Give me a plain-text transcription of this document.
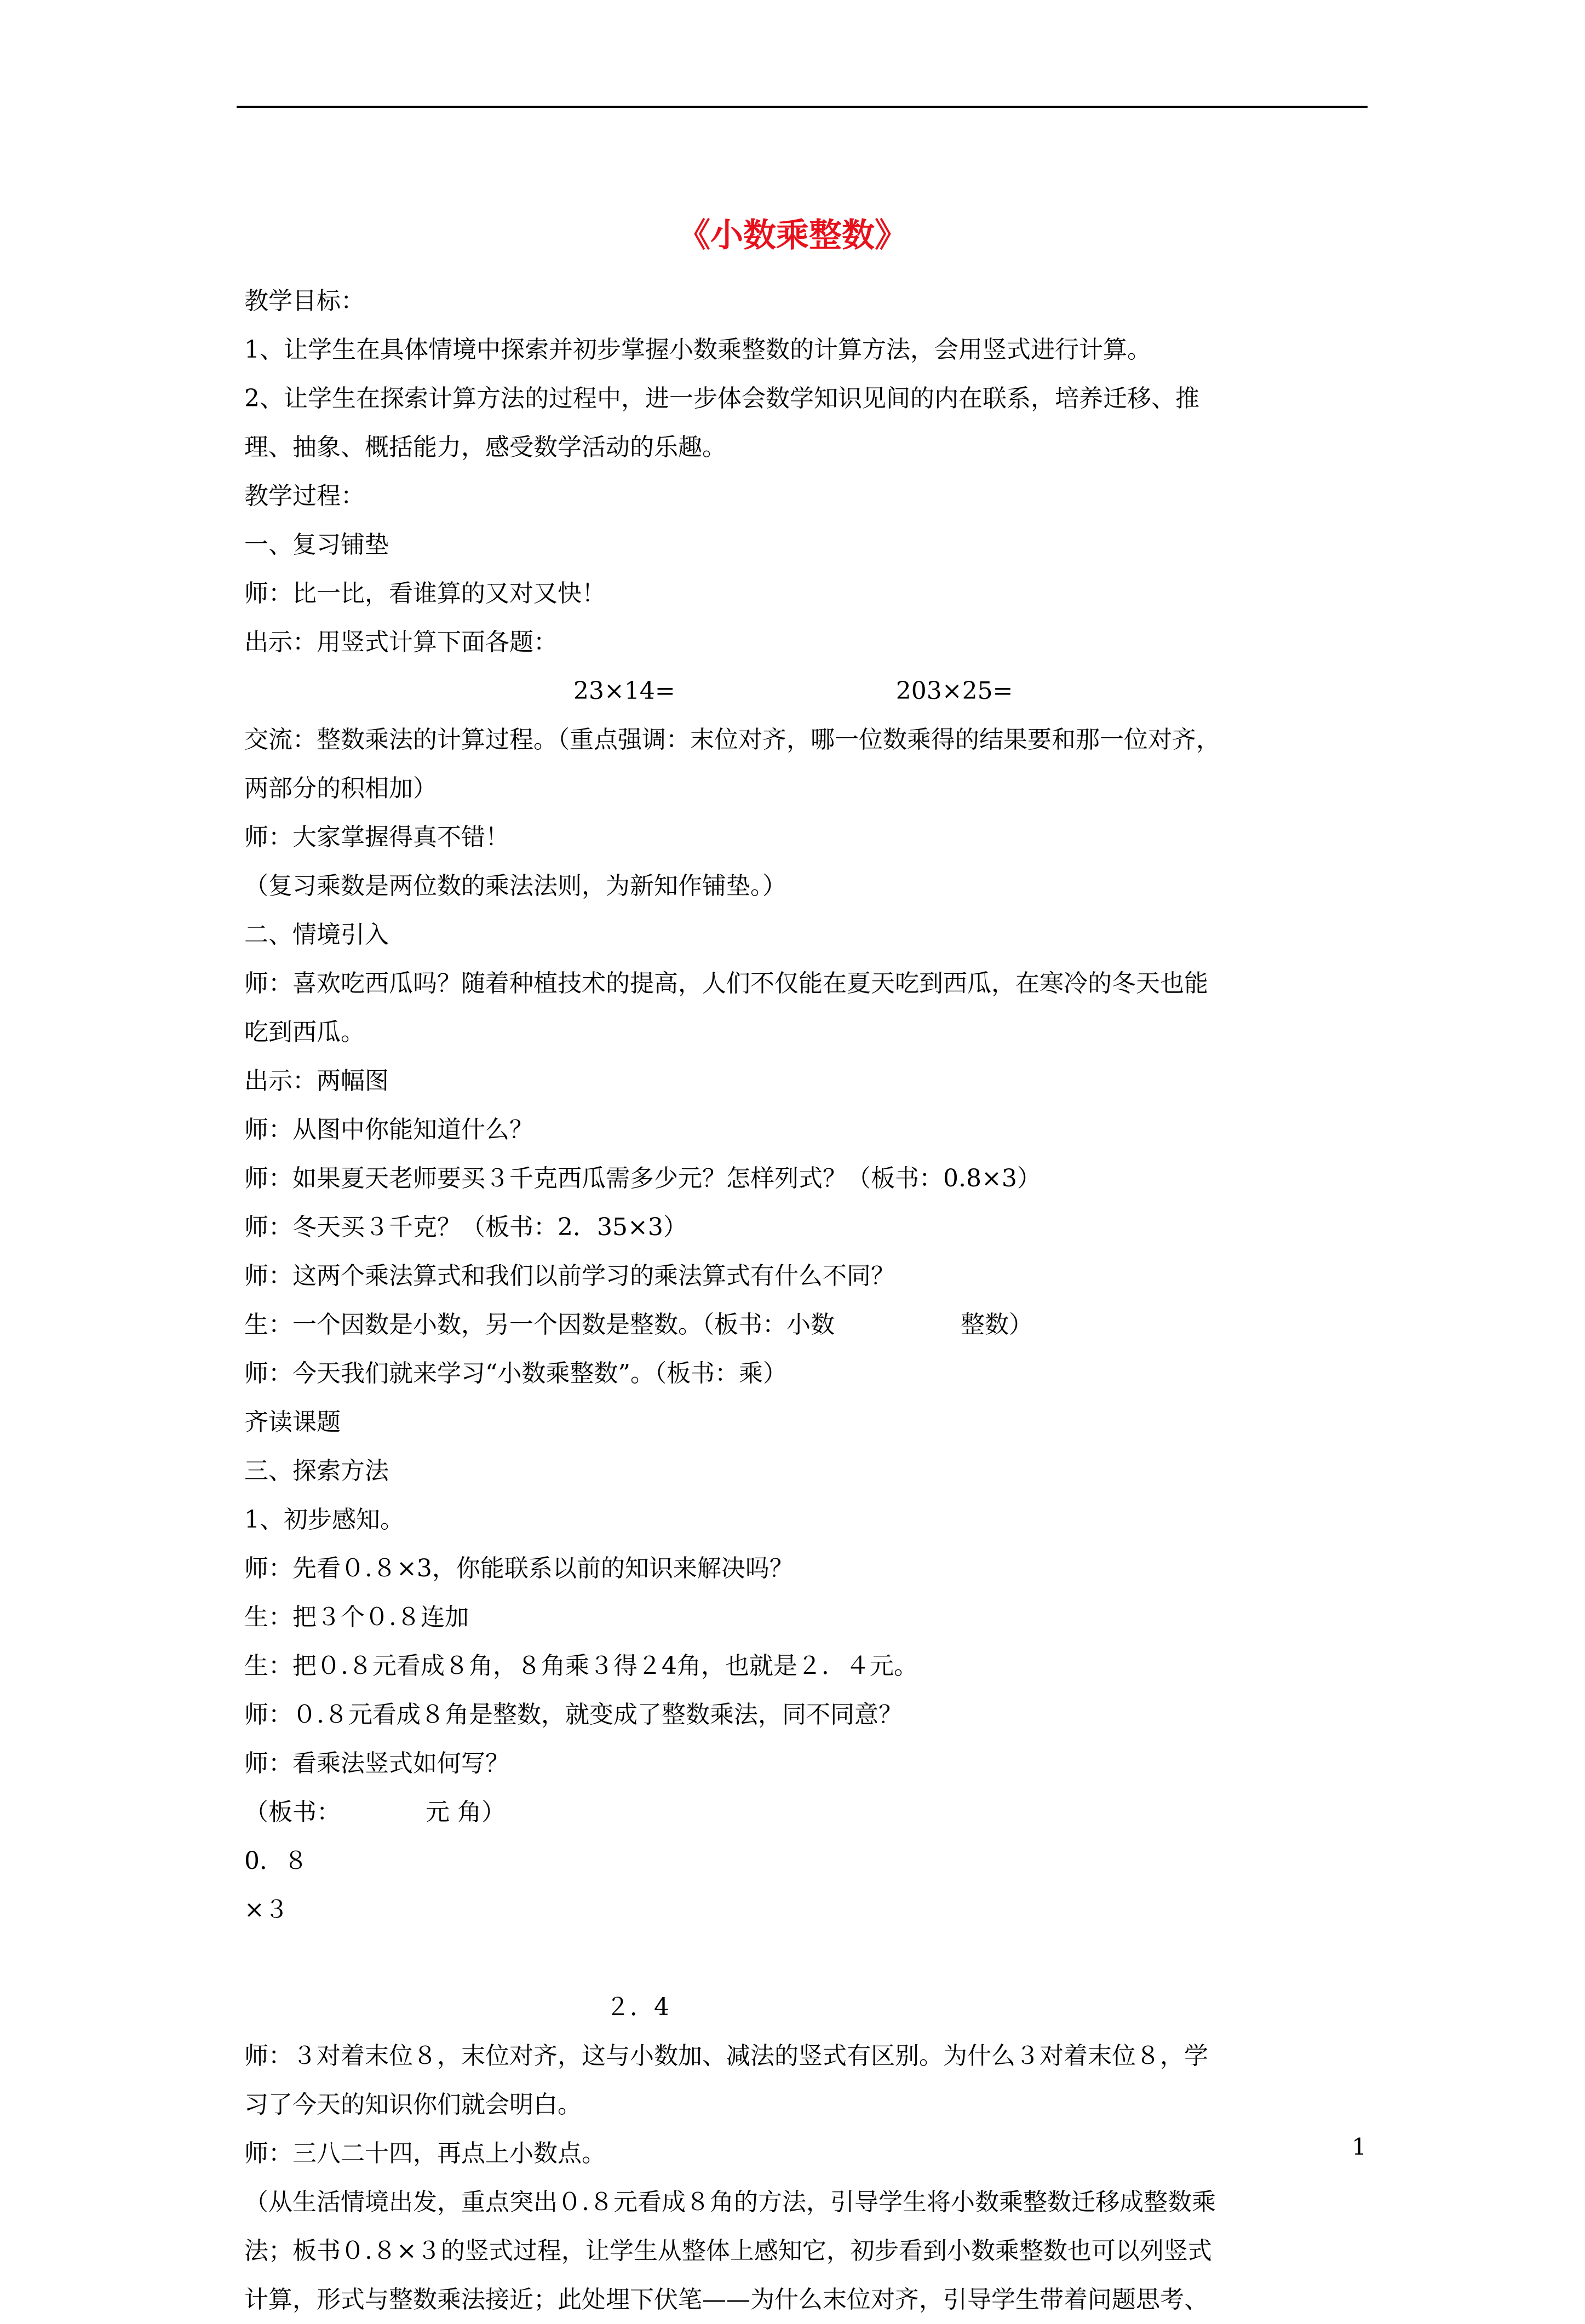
《小数乘整数》
教学目标：
1、让学生在具体情境中探索并初步掌握小数乘整数的计算方法，会用竖式进行计算。
2、让学生在探索计算方法的过程中，进一步体会数学知识见间的内在联系，培养迁移、推
理、抽象、概括能力，感受数学活动的乐趣。
教学过程：
一、复习铺垫
师：比一比，看谁算的又对又快！
出示：用竖式计算下面各题：
23×14=	203×25=
交流：整数乘法的计算过程。（重点强调：末位对齐，哪一位数乘得的结果要和那一位对齐，
两部分的积相加）
师：大家掌握得真不错！
（复习乘数是两位数的乘法法则，为新知作铺垫。）
二、情境引入
师：喜欢吃西瓜吗？随着种植技术的提高，人们不仅能在夏天吃到西瓜，在寒冷的冬天也能
吃到西瓜。
出示：两幅图
师：从图中你能知道什么？
师：如果夏天老师要买３千克西瓜需多少元？怎样列式？（板书：0.8×3）
师：冬天买３千克？（板书：2．35×3）
师：这两个乘法算式和我们以前学习的乘法算式有什么不同？
生：一个因数是小数，另一个因数是整数。（板书：小数	整数）
师：今天我们就来学习“小数乘整数”。（板书：乘）
齐读课题
三、探索方法
1、初步感知。
师：先看０.８×3，你能联系以前的知识来解决吗？
生：把３个０.８连加
生：把０.８元看成８角，８角乘３得２4角，也就是２．４元。
师：０.８元看成８角是整数，就变成了整数乘法，同不同意？
师：看乘法竖式如何写？
（板书：	元 角）
0．８
×３
２．4
师：３对着末位８，末位对齐，这与小数加、减法的竖式有区别。为什么３对着末位８，学
习了今天的知识你们就会明白。
师：三八二十四，再点上小数点。
（从生活情境出发，重点突出０.８元看成８角的方法，引导学生将小数乘整数迁移成整数乘
法；板书０.８×３的竖式过程，让学生从整体上感知它，初步看到小数乘整数也可以列竖式
计算，形式与整数乘法接近；此处埋下伏笔——为什么末位对齐，引导学生带着问题思考、
1
